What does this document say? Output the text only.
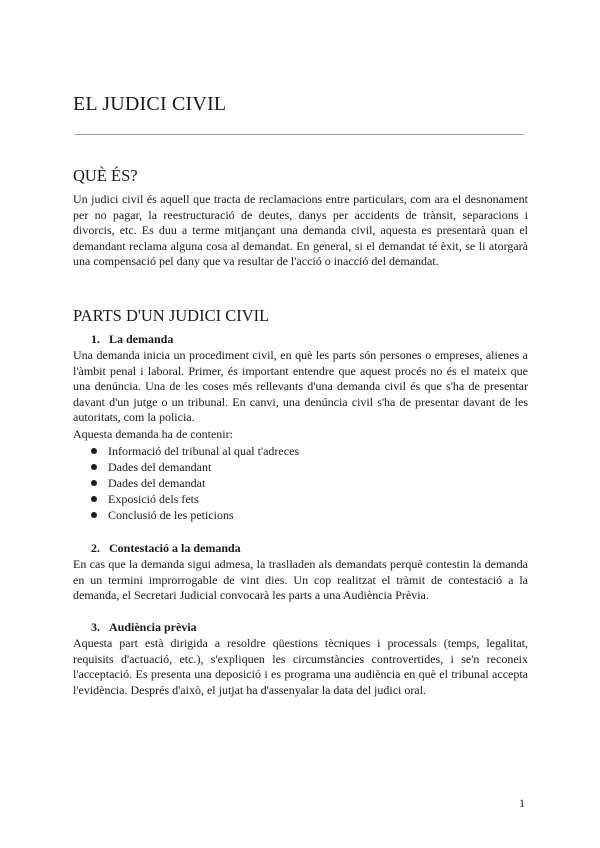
EL JUDICI CIVIL
QUÈ ÉS?

Un judici civil és aquell que tracta de reclamacions entre particulars, com ara el desnonament per no pagar, la reestructuració de deutes, danys per accidents de trànsit, separacions i divorcis, etc. Es duu a terme mitjançant una demanda civil, aquesta es presentarà quan el demandant reclama alguna cosa al demandat. En general, si el demandat té èxit, se li atorgarà una compensació pel dany que va resultar de l'acció o inacció del demandat.

PARTS D'UN JUDICI CIVIL
1. La demanda

Una demanda inicia un procediment civil, en què les parts són persones o empreses, alienes a l'àmbit penal i laboral. Primer, és important entendre que aquest procés no és el mateix que una denúncia. Una de les coses més rellevants d'una demanda civil és que s'ha de presentar davant d'un jutge o un tribunal. En canvi, una denúncia civil s'ha de presentar davant de les autoritats, com la policia.

Aquesta demanda ha de contenir:

Informació del tribunal al qual t'adreces
Dades del demandant
Dades del demandat
Exposició dels fets
Conclusió de les peticions
2. Contestació a la demanda

En cas que la demanda sigui admesa, la traslladen als demandats perquè contestin la demanda en un termini improrrogable de vint dies. Un cop realitzat el tràmit de contestació a la demanda, el Secretari Judicial convocarà les parts a una Audiència Prèvia.

3. Audiència prèvia

Aquesta part està dirigida a resoldre qüestions tècniques i processals (temps, legalitat, requisits d'actuació, etc.), s'expliquen les circumstàncies controvertides, i se'n reconeix l'acceptació. Es presenta una deposició i es programa una audiència en què el tribunal accepta l'evidència. Després d'això, el jutjat ha d'assenyalar la data del judici oral.

1
